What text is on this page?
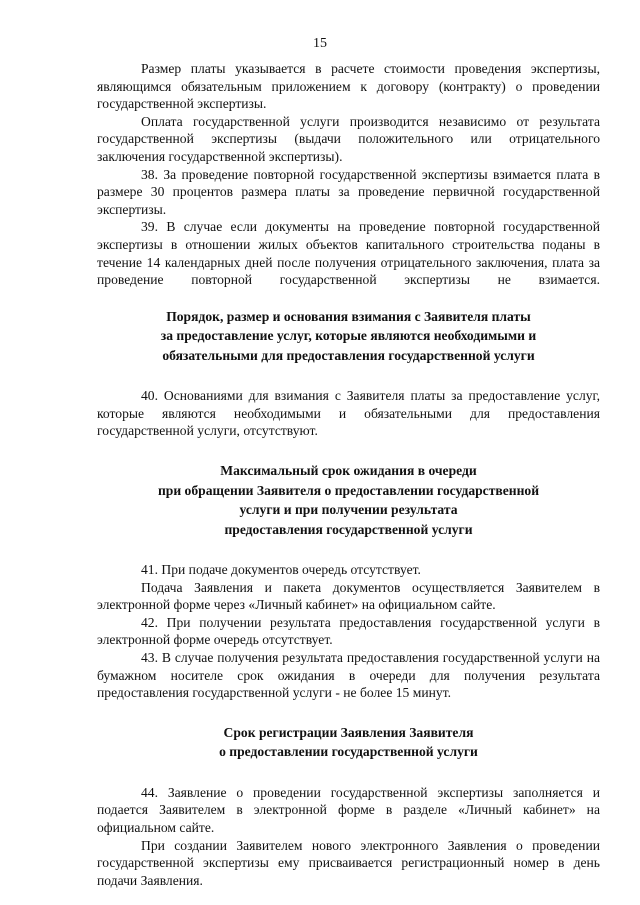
15

Размер платы указывается в расчете стоимости проведения экспертизы, являющимся обязательным приложением к договору (контракту) о проведении государственной экспертизы.

Оплата государственной услуги производится независимо от результата государственной экспертизы (выдачи положительного или отрицательного заключения государственной экспертизы).

38. За проведение повторной государственной экспертизы взимается плата в размере 30 процентов размера платы за проведение первичной государственной экспертизы.

39. В случае если документы на проведение повторной государственной экспертизы в отношении жилых объектов капитального строительства поданы в течение 14 календарных дней после получения отрицательного заключения, плата за проведение повторной государственной экспертизы не взимается.

Порядок, размер и основания взимания с Заявителя платы
за предоставление услуг, которые являются необходимыми и
обязательными для предоставления государственной услуги

40. Основаниями для взимания с Заявителя платы за предоставление услуг, которые являются необходимыми и обязательными для предоставления государственной услуги, отсутствуют.

Максимальный срок ожидания в очереди
при обращении Заявителя о предоставлении государственной
услуги и при получении результата
предоставления государственной услуги

41. При подаче документов очередь отсутствует.

Подача Заявления и пакета документов осуществляется Заявителем в электронной форме через «Личный кабинет» на официальном сайте.

42. При получении результата предоставления государственной услуги в электронной форме очередь отсутствует.

43. В случае получения результата предоставления государственной услуги на бумажном носителе срок ожидания в очереди для получения результата предоставления государственной услуги - не более 15 минут.

Срок регистрации Заявления Заявителя
о предоставлении государственной услуги

44. Заявление о проведении государственной экспертизы заполняется и подается Заявителем в электронной форме в разделе «Личный кабинет» на официальном сайте.

При создании Заявителем нового электронного Заявления о проведении государственной экспертизы ему присваивается регистрационный номер в день подачи Заявления.
